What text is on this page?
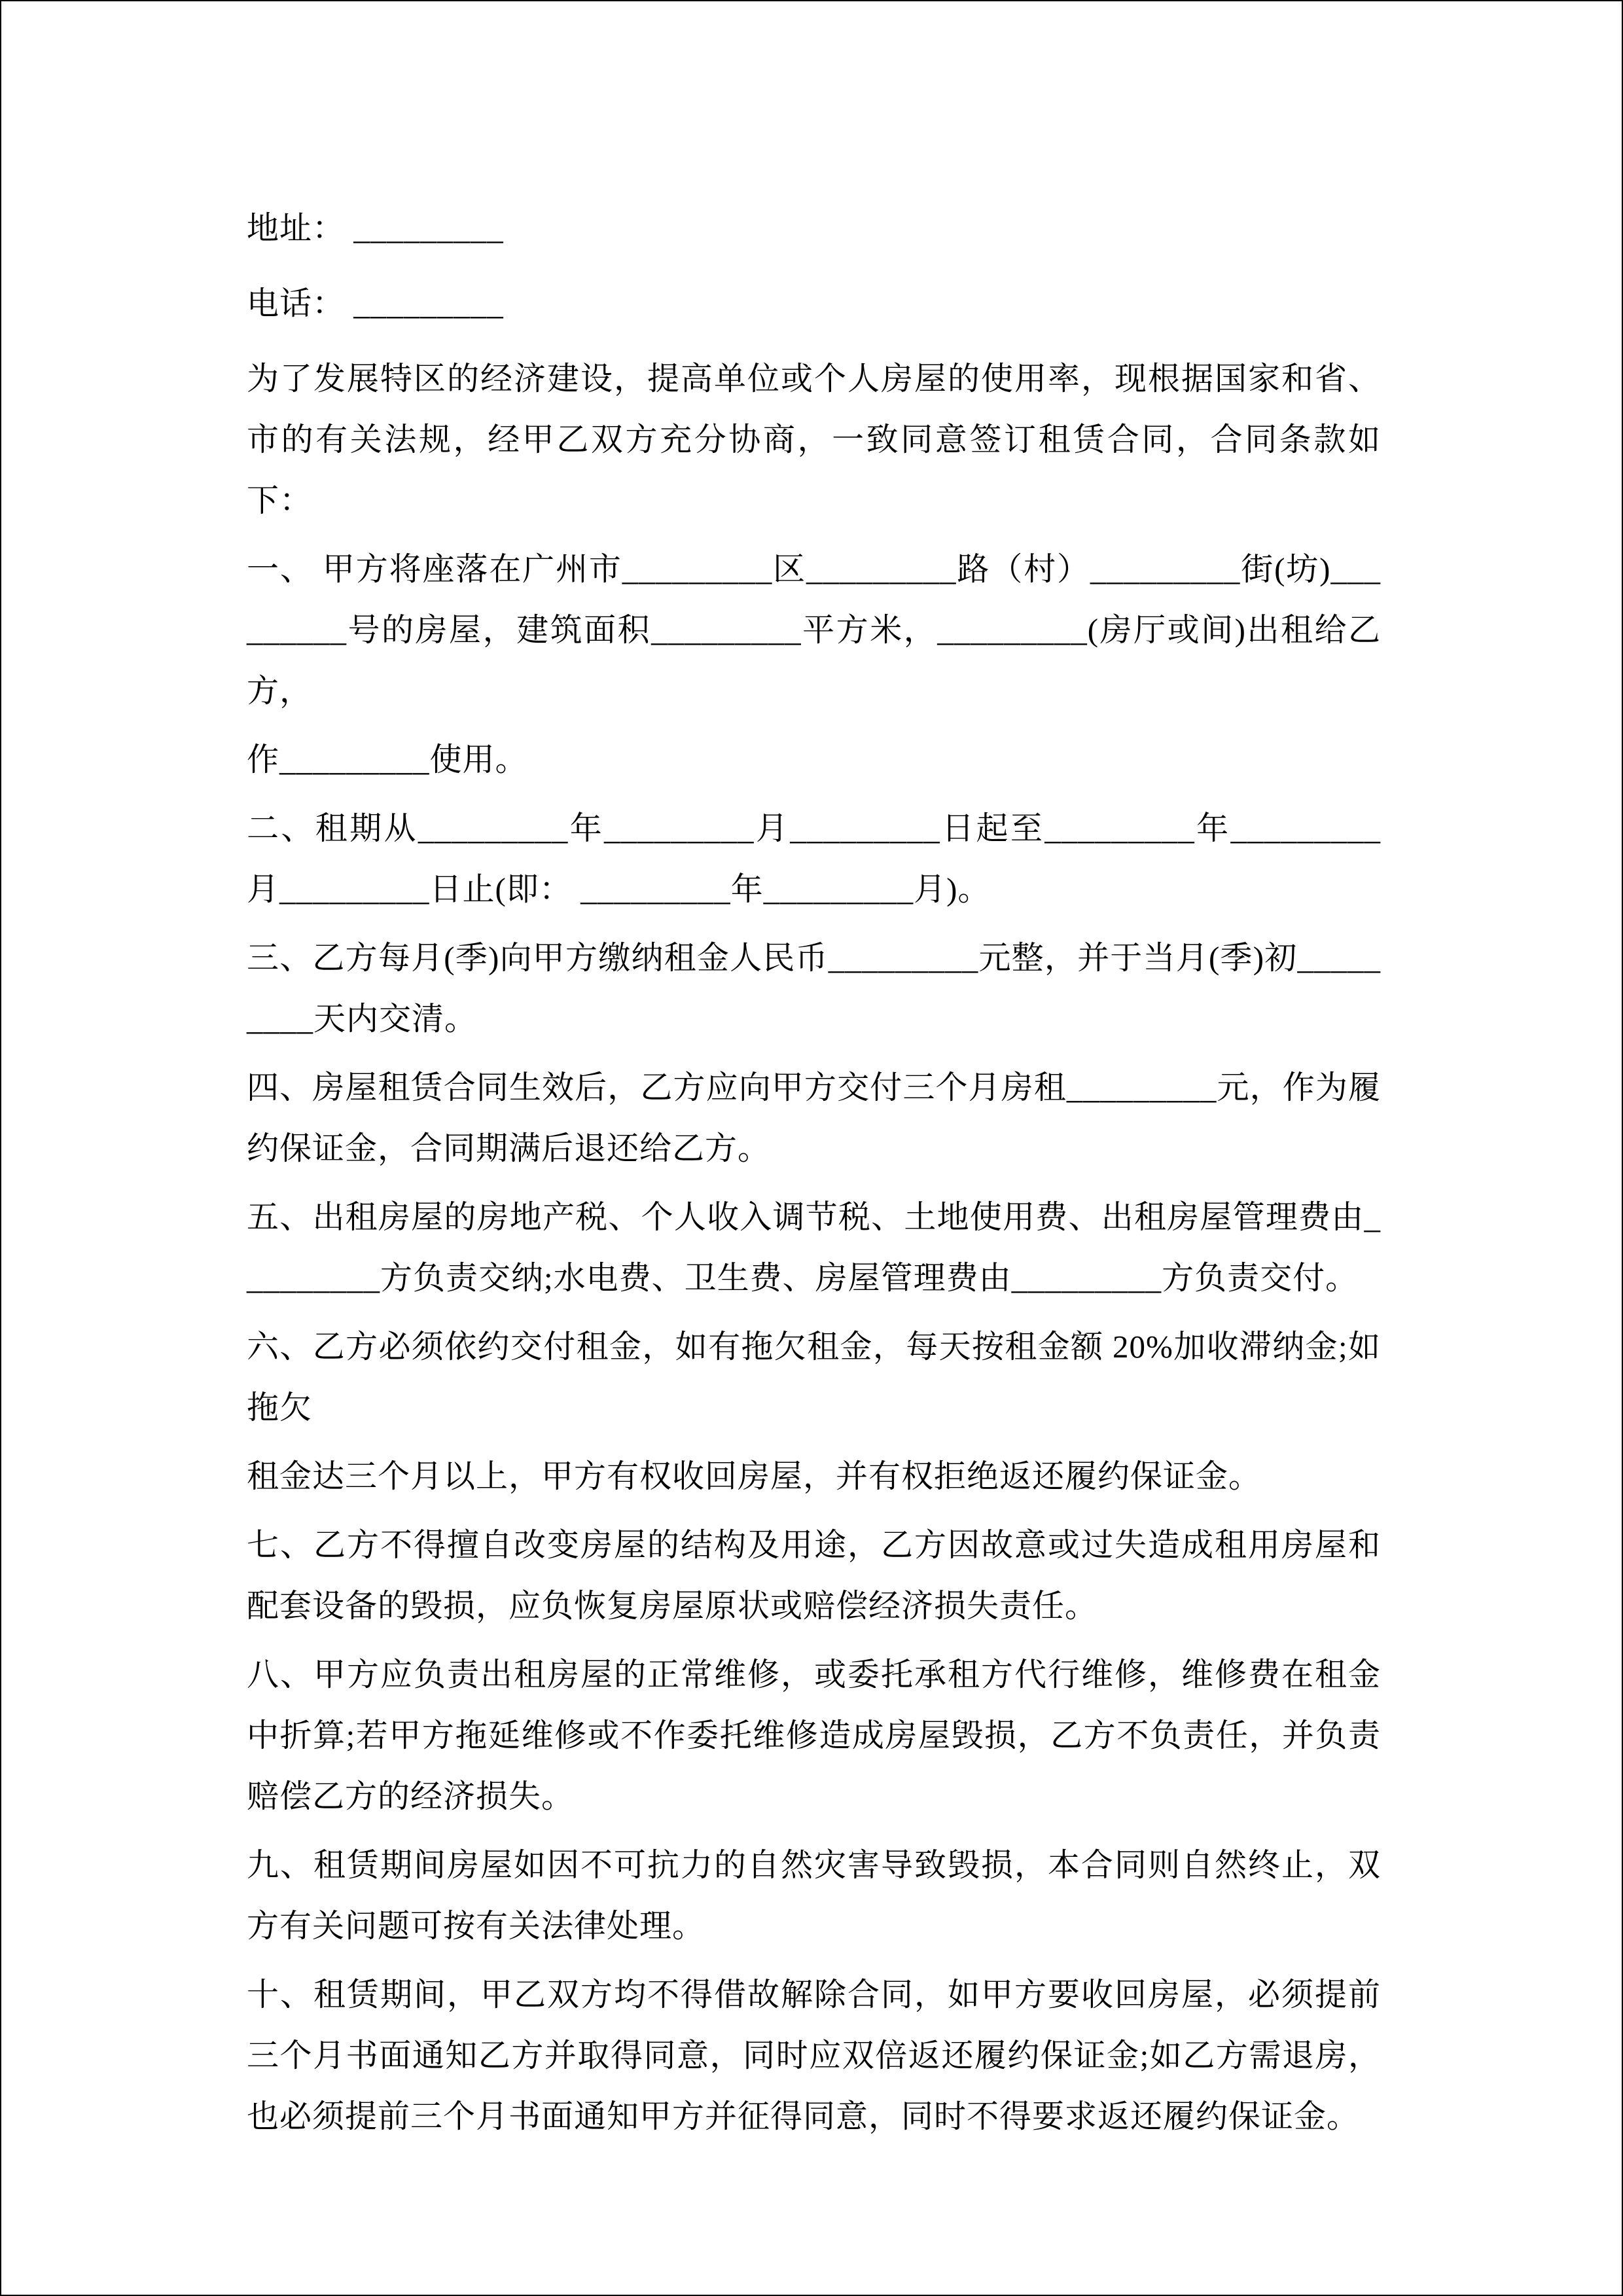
地址： _________

电话： _________

为了发展特区的经济建设，提高单位或个人房屋的使用率，现根据国家和省、市的有关法规，经甲乙双方充分协商，一致同意签订租赁合同，合同条款如下：

一、 甲方将座落在广州市_________区_________路（村）_________街(坊)_________号的房屋，建筑面积_________平方米，_________(房厅或间)出租给乙方，

作_________使用。

二、租期从_________年_________月_________日起至_________年_________月_________日止(即： _________年_________月)。

三、乙方每月(季)向甲方缴纳租金人民币_________元整，并于当月(季)初_________天内交清。

四、房屋租赁合同生效后，乙方应向甲方交付三个月房租_________元，作为履约保证金，合同期满后退还给乙方。

五、出租房屋的房地产税、个人收入调节税、土地使用费、出租房屋管理费由_________方负责交纳;水电费、卫生费、房屋管理费由_________方负责交付。

六、乙方必须依约交付租金，如有拖欠租金，每天按租金额 20%加收滞纳金;如拖欠

租金达三个月以上，甲方有权收回房屋，并有权拒绝返还履约保证金。

七、乙方不得擅自改变房屋的结构及用途，乙方因故意或过失造成租用房屋和配套设备的毁损，应负恢复房屋原状或赔偿经济损失责任。

八、甲方应负责出租房屋的正常维修，或委托承租方代行维修，维修费在租金中折算;若甲方拖延维修或不作委托维修造成房屋毁损，乙方不负责任，并负责赔偿乙方的经济损失。

九、租赁期间房屋如因不可抗力的自然灾害导致毁损，本合同则自然终止，双方有关问题可按有关法律处理。

十、租赁期间，甲乙双方均不得借故解除合同，如甲方要收回房屋，必须提前三个月书面通知乙方并取得同意，同时应双倍返还履约保证金;如乙方需退房，也必须提前三个月书面通知甲方并征得同意，同时不得要求返还履约保证金。
